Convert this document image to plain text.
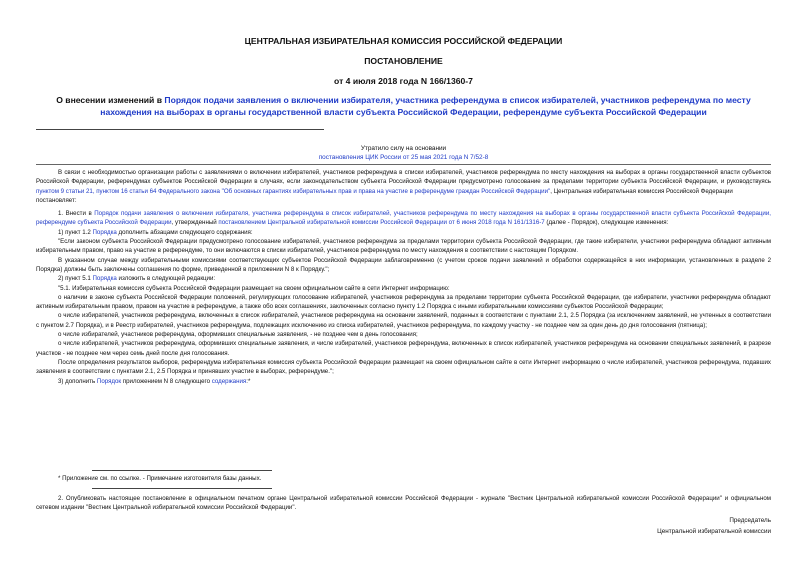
ЦЕНТРАЛЬНАЯ ИЗБИРАТЕЛЬНАЯ КОМИССИЯ РОССИЙСКОЙ ФЕДЕРАЦИИ
ПОСТАНОВЛЕНИЕ
от 4 июля 2018 года N 166/1360-7
О внесении изменений в Порядок подачи заявления о включении избирателя, участника референдума в список избирателей, участников референдума по месту нахождения на выборах в органы государственной власти субъекта Российской Федерации, референдуме субъекта Российской Федерации
Утратило силу на основании
постановления ЦИК России от 25 мая 2021 года N 7/52-8

В связи с необходимостью организации работы с заявлениями о включении избирателей, участников референдума в списки избирателей, участников референдума по месту нахождения на выборах в органы государственной власти субъектов Российской Федерации, референдумах субъектов Российской Федерации в случаях, если законодательством субъекта Российской Федерации предусмотрено голосование за пределами территории субъекта Российской Федерации, и руководствуясь пунктом 9 статьи 21, пунктом 16 статьи 64 Федерального закона "Об основных гарантиях избирательных прав и права на участие в референдуме граждан Российской Федерации", Центральная избирательная комиссия Российской Федерации

постановляет:

1. Внести в Порядок подачи заявления о включении избирателя, участника референдума в список избирателей, участников референдума по месту нахождения на выборах в органы государственной власти субъекта Российской Федерации, референдуме субъекта Российской Федерации, утвержденный постановлением Центральной избирательной комиссии Российской Федерации от 6 июня 2018 года N 161/1316-7 (далее - Порядок), следующие изменения:

1) пункт 1.2 Порядка дополнить абзацами следующего содержания:

"Если законом субъекта Российской Федерации предусмотрено голосование избирателей, участников референдума за пределами территории субъекта Российской Федерации, где такие избиратели, участники референдума обладают активным избирательным правом, право на участие в референдуме, то они включаются в списки избирателей, участников референдума по месту нахождения в соответствии с настоящим Порядком.

В указанном случае между избирательными комиссиями соответствующих субъектов Российской Федерации заблаговременно (с учетом сроков подачи заявлений и обработки содержащейся в них информации, установленных в разделе 2 Порядка) должны быть заключены соглашения по форме, приведенной в приложении N 8 к Порядку.";

2) пункт 5.1 Порядка изложить в следующей редакции:

"5.1. Избирательная комиссия субъекта Российской Федерации размещает на своем официальном сайте в сети Интернет информацию:

о наличии в законе субъекта Российской Федерации положений, регулирующих голосование избирателей, участников референдума за пределами территории субъекта Российской Федерации, где избиратели, участники референдума обладают активным избирательным правом, правом на участие в референдуме, а также обо всех соглашениях, заключенных согласно пункту 1.2 Порядка с иными избирательными комиссиями субъектов Российской Федерации;

о числе избирателей, участников референдума, включенных в список избирателей, участников референдума на основании заявлений, поданных в соответствии с пунктами 2.1, 2.5 Порядка (за исключением заявлений, не учтенных в соответствии с пунктом 2.7 Порядка), и в Реестр избирателей, участников референдума, подлежащих исключению из списка избирателей, участников референдума, по каждому участку - не позднее чем за один день до дня голосования (пятница);

о числе избирателей, участников референдума, оформивших специальные заявления, - не позднее чем в день голосования;

о числе избирателей, участников референдума, оформивших специальные заявления, и числе избирателей, участников референдума, включенных в список избирателей, участников референдума на основании специальных заявлений, в разрезе участков - не позднее чем через семь дней после дня голосования.

После определения результатов выборов, референдума избирательная комиссия субъекта Российской Федерации размещает на своем официальном сайте в сети Интернет информацию о числе избирателей, участников референдума, подавших заявления в соответствии с пунктами 2.1, 2.5 Порядка и принявших участие в выборах, референдуме.";

3) дополнить Порядок приложением N 8 следующего содержания:*

* Приложение см. по ссылке. - Примечание изготовителя базы данных.

2. Опубликовать настоящее постановление в официальном печатном органе Центральной избирательной комиссии Российской Федерации - журнале "Вестник Центральной избирательной комиссии Российской Федерации" и официальном сетевом издании "Вестник Центральной избирательной комиссии Российской Федерации".

Председатель
Центральной избирательной комиссии
